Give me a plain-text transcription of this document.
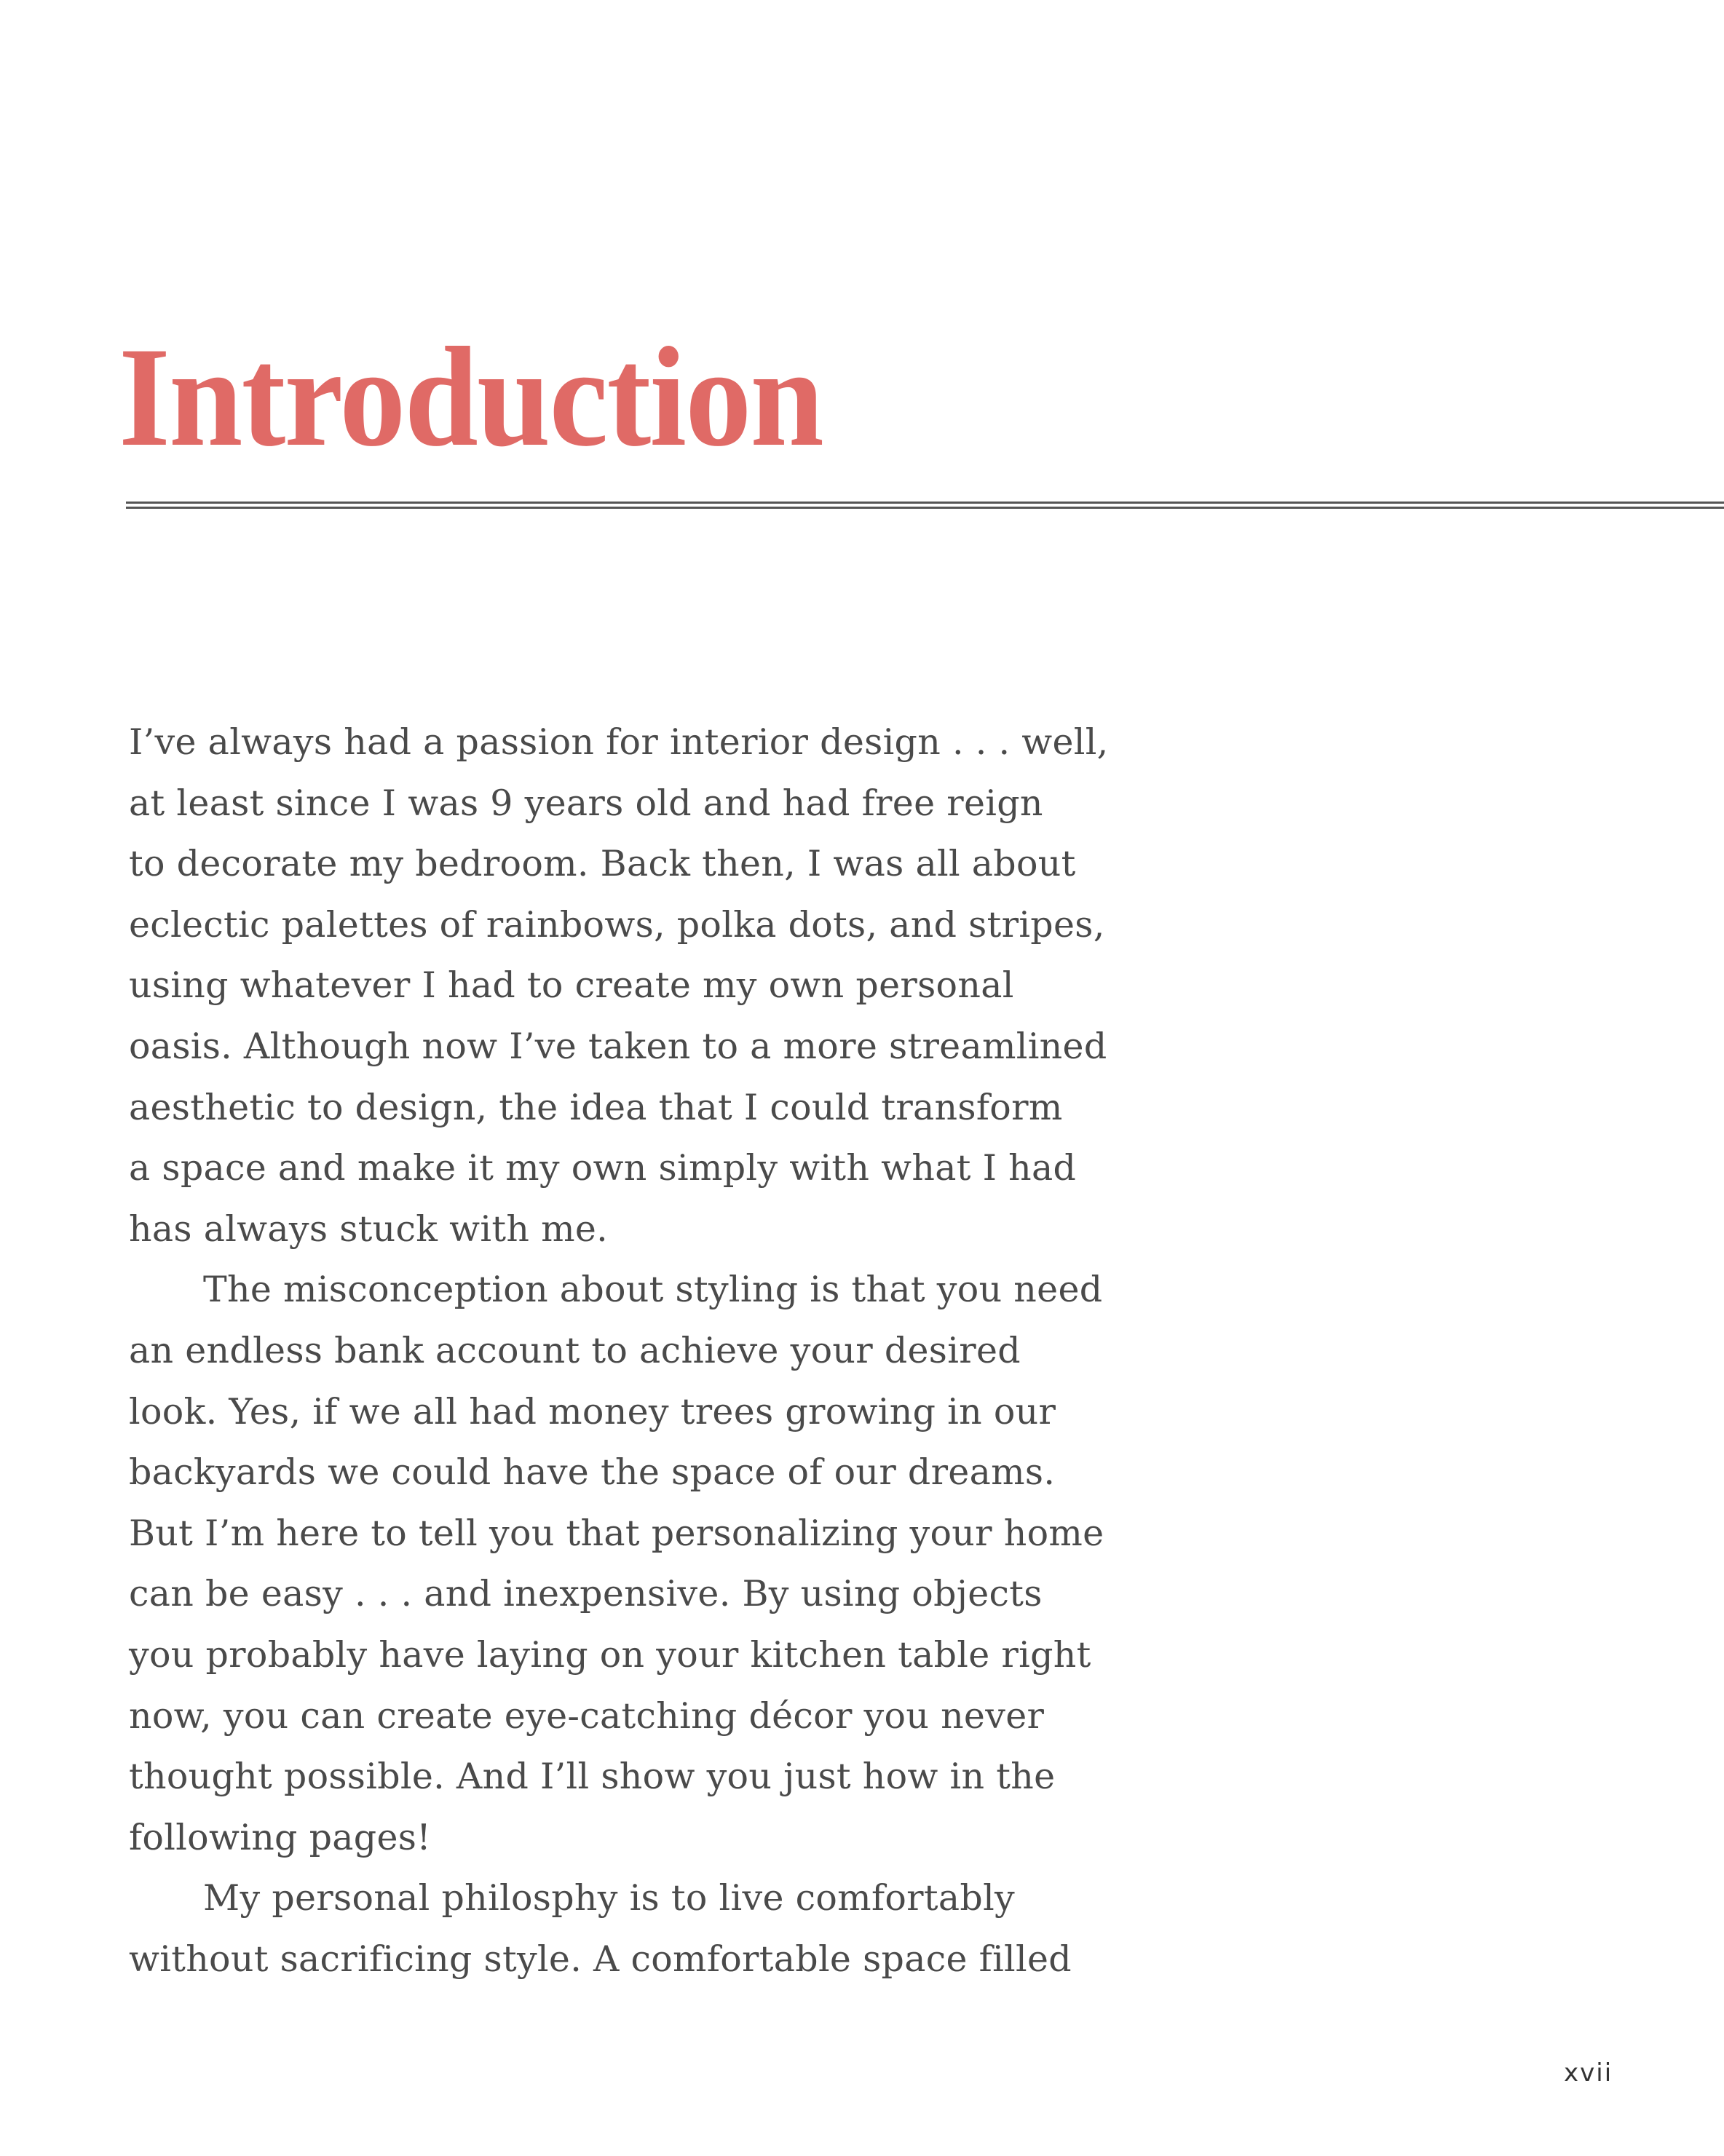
Introduction
I’ve always had a passion for interior design . . . well,
at least since I was 9 years old and had free reign
to decorate my bedroom. Back then, I was all about
eclectic palettes of rainbows, polka dots, and stripes,
using whatever I had to create my own personal
oasis. Although now I’ve taken to a more streamlined
aesthetic to design, the idea that I could transform
a space and make it my own simply with what I had
has always stuck with me.
The misconception about styling is that you need
an endless bank account to achieve your desired
look. Yes, if we all had money trees growing in our
backyards we could have the space of our dreams.
But I’m here to tell you that personalizing your home
can be easy . . . and inexpensive. By using objects
you probably have laying on your kitchen table right
now, you can create eye-catching décor you never
thought possible. And I’ll show you just how in the
following pages!
My personal philosphy is to live comfortably
without sacrificing style. A comfortable space filled
xvii
